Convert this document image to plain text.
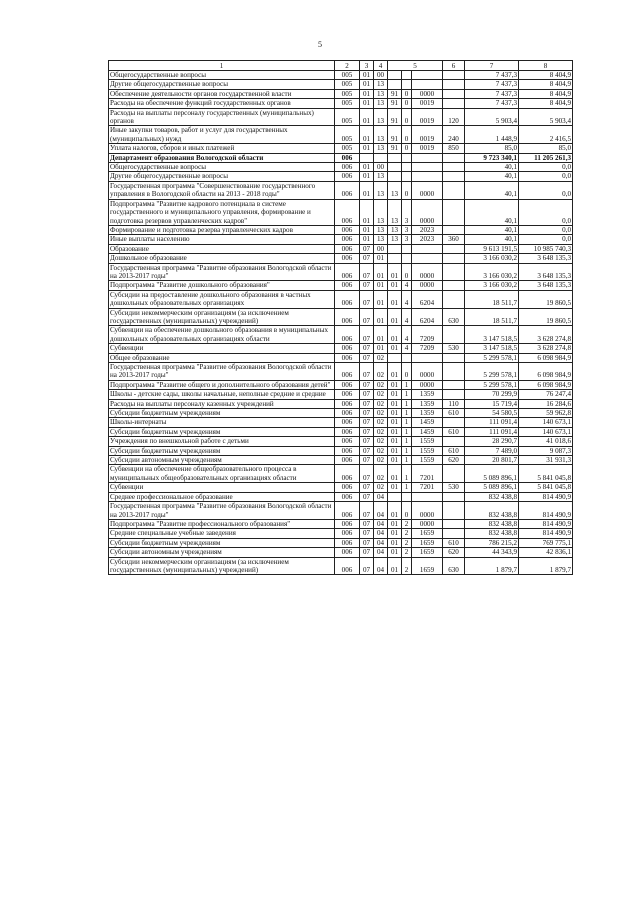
5
1	2	3	4	5			6	7	8
Общегосударственные вопросы	005	01	00					7 437,3	8 404,9
Другие общегосударственные вопросы	005	01	13					7 437,3	8 404,9
Обеспечение деятельности органов государственной власти	005	01	13	91	0	0000		7 437,3	8 404,9
Расходы на обеспечение функций государственных органов	005	01	13	91	0	0019		7 437,3	8 404,9
Расходы на выплаты персоналу государственных (муниципальных) органов	005	01	13	91	0	0019	120	5 903,4	5 903,4
Иные закупки товаров, работ и услуг для государственных (муниципальных) нужд	005	01	13	91	0	0019	240	1 448,9	2 416,5
Уплата налогов, сборов и иных платежей	005	01	13	91	0	0019	850	85,0	85,0
Департамент образования Вологодской области	006							9 723 340,1	11 205 261,3
Общегосударственные вопросы	006	01	00					40,1	0,0
Другие общегосударственные вопросы	006	01	13					40,1	0,0
Государственная программа "Совершенствование государственного управления в Вологодской области на 2013 - 2018 годы"	006	01	13	13	0	0000		40,1	0,0
Подпрограмма "Развитие кадрового потенциала в системе государственного и муниципального управления, формирование и подготовка резервов управленческих кадров"	006	01	13	13	3	0000		40,1	0,0
Формирование и подготовка резерва управленческих кадров	006	01	13	13	3	2023		40,1	0,0
Иные выплаты населению	006	01	13	13	3	2023	360	40,1	0,0
Образование	006	07	00					9 613 191,5	10 985 740,3
Дошкольное образование	006	07	01					3 166 030,2	3 648 135,3
Государственная программа "Развитие образования Вологодской области на 2013-2017 годы"	006	07	01	01	0	0000		3 166 030,2	3 648 135,3
Подпрограмма "Развитие дошкольного образования"	006	07	01	01	4	0000		3 166 030,2	3 648 135,3
Субсидии на предоставление дошкольного образования в частных дошкольных образовательных организациях	006	07	01	01	4	6204		18 511,7	19 860,5
Субсидии некоммерческим организациям (за исключением государственных (муниципальных) учреждений)	006	07	01	01	4	6204	630	18 511,7	19 860,5
Субвенции на обеспечение дошкольного образования в муниципальных дошкольных образовательных организациях области	006	07	01	01	4	7209		3 147 518,5	3 628 274,8
Субвенции	006	07	01	01	4	7209	530	3 147 518,5	3 628 274,8
Общее образование	006	07	02					5 299 578,1	6 098 984,9
Государственная программа "Развитие образования Вологодской области на 2013-2017 годы"	006	07	02	01	0	0000		5 299 578,1	6 098 984,9
Подпрограмма "Развитие общего и дополнительного образования детей"	006	07	02	01	1	0000		5 299 578,1	6 098 984,9
Школы - детские сады, школы начальные, неполные средние и средние	006	07	02	01	1	1359		70 299,9	76 247,4
Расходы на выплаты персоналу казенных учреждений	006	07	02	01	1	1359	110	15 719,4	16 284,6
Субсидии бюджетным учреждениям	006	07	02	01	1	1359	610	54 580,5	59 962,8
Школы-интернаты	006	07	02	01	1	1459		111 091,4	140 673,1
Субсидии бюджетным учреждениям	006	07	02	01	1	1459	610	111 091,4	140 673,1
Учреждения по внешкольной работе с детьми	006	07	02	01	1	1559		28 290,7	41 018,6
Субсидии бюджетным учреждениям	006	07	02	01	1	1559	610	7 489,0	9 087,3
Субсидии автономным учреждениям	006	07	02	01	1	1559	620	20 801,7	31 931,3
Субвенции на обеспечение общеобразовательного процесса в муниципальных общеобразовательных организациях области	006	07	02	01	1	7201		5 089 896,1	5 841 045,8
Субвенции	006	07	02	01	1	7201	530	5 089 896,1	5 841 045,8
Среднее профессиональное образование	006	07	04					832 438,8	814 490,9
Государственная программа "Развитие образования Вологодской области на 2013-2017 годы"	006	07	04	01	0	0000		832 438,8	814 490,9
Подпрограмма "Развитие профессионального образования"	006	07	04	01	2	0000		832 438,8	814 490,9
Средние специальные учебные заведения	006	07	04	01	2	1659		832 438,8	814 490,9
Субсидии бюджетным учреждениям	006	07	04	01	2	1659	610	786 215,2	769 775,1
Субсидии автономным учреждениям	006	07	04	01	2	1659	620	44 343,9	42 836,1
Субсидии некоммерческим организациям (за исключением государственных (муниципальных) учреждений)	006	07	04	01	2	1659	630	1 879,7	1 879,7
